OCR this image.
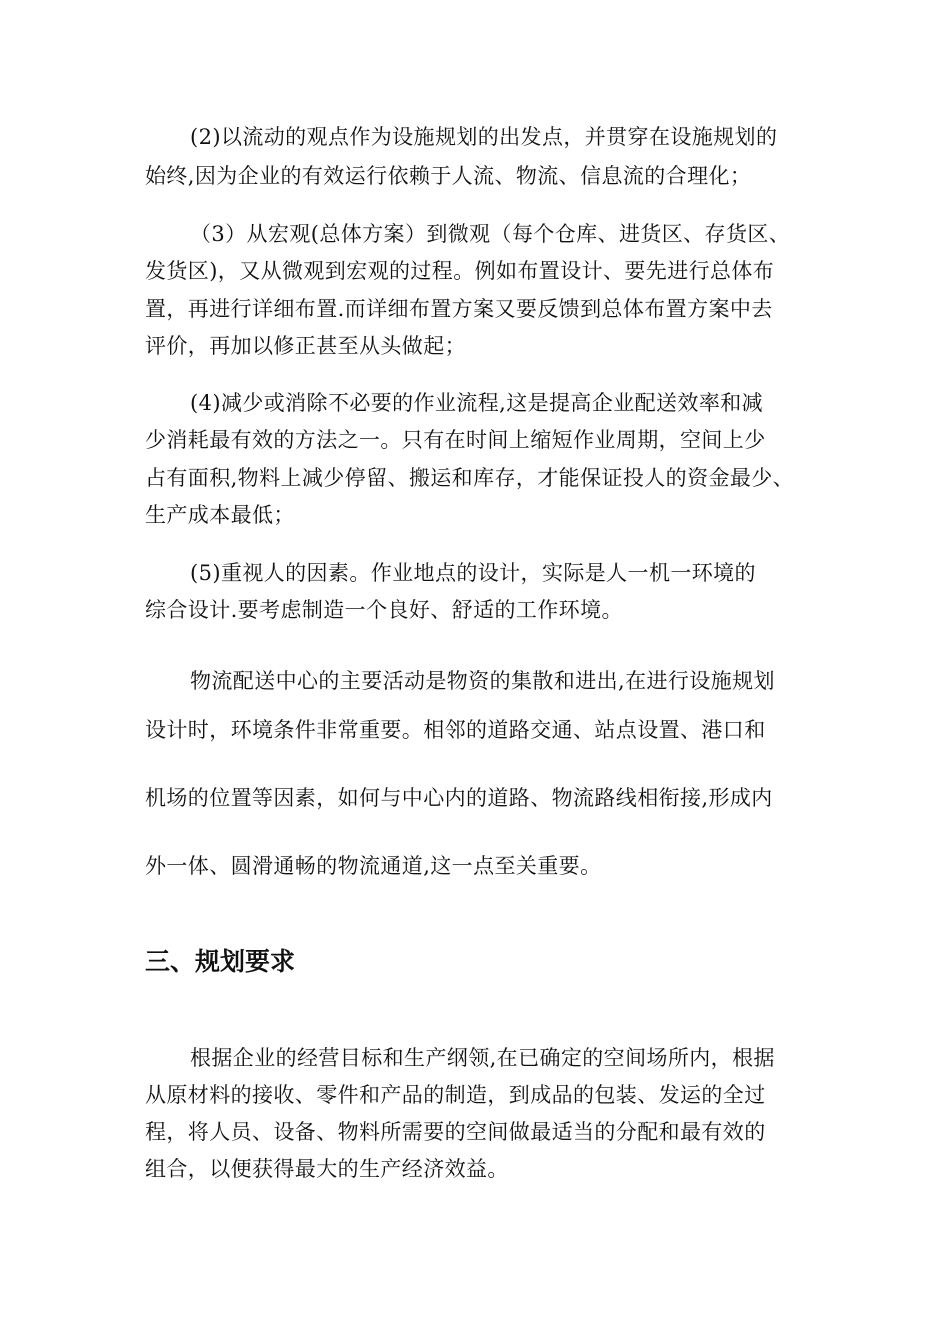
(2)以流动的观点作为设施规划的出发点，并贯穿在设施规划的
始终,因为企业的有效运行依赖于人流、物流、信息流的合理化；
（3）从宏观(总体方案）到微观（每个仓库、进货区、存货区、
发货区)，又从微观到宏观的过程。例如布置设计、要先进行总体布
置，再进行详细布置.而详细布置方案又要反馈到总体布置方案中去
评价，再加以修正甚至从头做起；
(4)减少或消除不必要的作业流程,这是提高企业配送效率和减
少消耗最有效的方法之一。只有在时间上缩短作业周期，空间上少
占有面积,物料上减少停留、搬运和库存，才能保证投人的资金最少、
生产成本最低；
(5)重视人的因素。作业地点的设计，实际是人一机一环境的
综合设计.要考虑制造一个良好、舒适的工作环境。
物流配送中心的主要活动是物资的集散和进出,在进行设施规划
设计时，环境条件非常重要。相邻的道路交通、站点设置、港口和
机场的位置等因素，如何与中心内的道路、物流路线相衔接,形成内
外一体、圆滑通畅的物流通道,这一点至关重要。
三、规划要求
根据企业的经营目标和生产纲领,在已确定的空间场所内，根据
从原材料的接收、零件和产品的制造，到成品的包装、发运的全过
程，将人员、设备、物料所需要的空间做最适当的分配和最有效的
组合，以便获得最大的生产经济效益。
